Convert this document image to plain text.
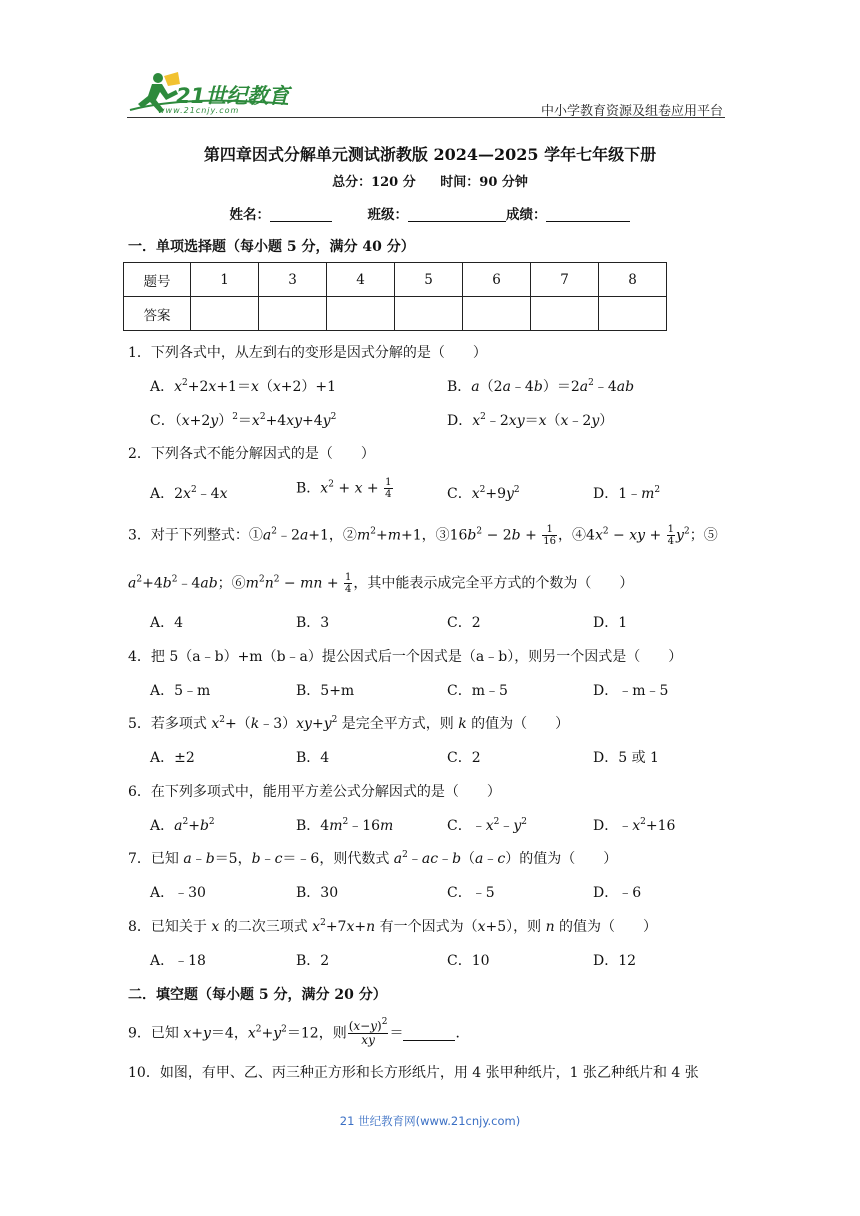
21世纪教育
www.21cnjy.com	中小学教育资源及组卷应用平台
第四章因式分解单元测试浙教版 2024—2025 学年七年级下册
总分：120 分 时间：90 分钟
姓名：	班级：	成绩：
一．单项选择题（每小题 5 分，满分 40 分）
题号	1	3	4	5	6	7	8
答案							
1．下列各式中，从左到右的变形是因式分解的是（　　）
A．$x^2+2x+1=x(x+2)+1$	B．$a(2a﹣4b)=2a^2﹣4ab$
C．$(x+2y)^2=x^2+4xy+4y^2$	D．$x^2﹣2xy=x(x﹣2y)$
2．下列各式不能分解因式的是（　　）
A．$2x^2﹣4x$	B．$x^2 + x + \frac{1}{4}$	C．$x^2+9y^2$	D．$1﹣m^2$
3．对于下列整式：$①a^2﹣2a+1$，$②m^2+m+1$，$③16b^2 - 2b + \frac{1}{16}$ ，$④4x^2$ − xy + $\frac{1}{4} y^2$；⑤
$a^2+4b^2﹣4ab$；$⑥m^2n^2$ − mn + $\frac{1}{4}$ ，其中能表示成完全平方式的个数为（　　）
A．4	B．3	C．2	D．1
4．把 5（a﹣b）+m（b﹣a）提公因式后一个因式是（a﹣b），则另一个因式是（　　）
A．5﹣m	B．5+m	C．m﹣5	D．﹣m﹣5
5．若多项式 $x^2+(k﹣3)xy+y^2$ 是完全平方式，则 k 的值为（　　）
A．±2	B．4	C．2	D．5 或 1
6．在下列多项式中，能用平方差公式分解因式的是（　　）
A．$a^2+b^2$	B．$4m^2﹣16m$	C．$﹣x^2﹣y^2$	D．$﹣x^2+16$
7．已知 a﹣b＝5，b﹣c＝﹣6，则代数式 $a^2﹣ac﹣b(a﹣c)$的值为（　　）
A．﹣30	B．30	C．﹣5	D．﹣6
8．已知关于 x 的二次三项式 $x^2+7x+n$ 有一个因式为（x+5），则 n 的值为（　　）
A．﹣18	B．2	C．10	D．12
二．填空题（每小题 5 分，满分 20 分）
9．已知 x+y＝4，$x^2+y^2=12$，则 $\frac{(x-y)^2}{xy}$ ＝	．
10．如图，有甲、乙、丙三种正方形和长方形纸片，用 4 张甲种纸片，1 张乙种纸片和 4 张
21 世纪教育网(www.21cnjy.com)
